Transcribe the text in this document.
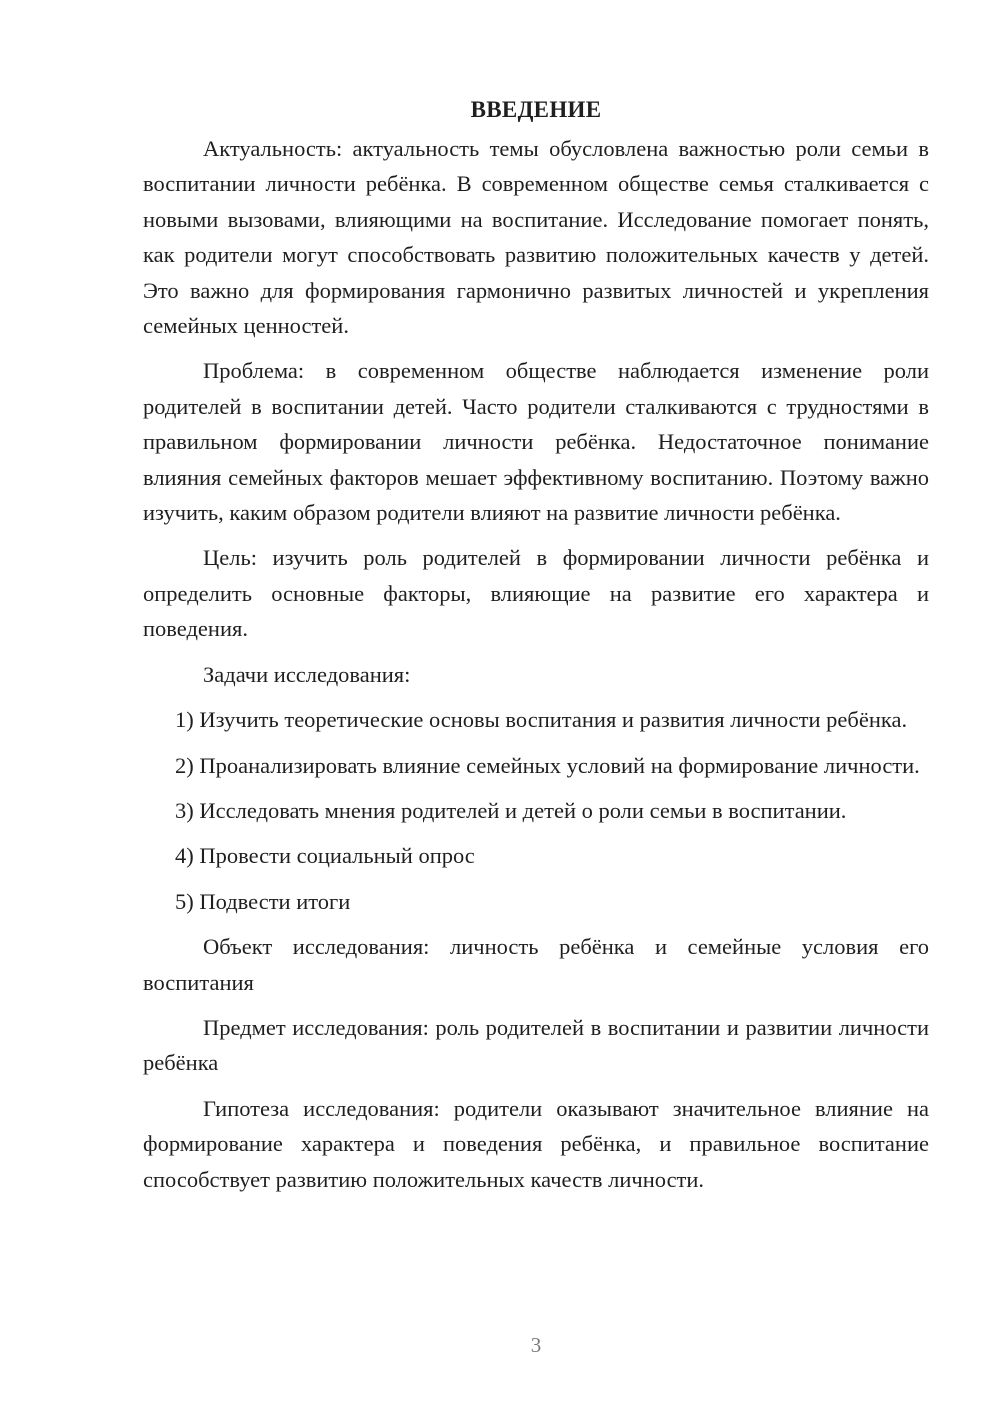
ВВЕДЕНИЕ

Актуальность: актуальность темы обусловлена важностью роли семьи в воспитании личности ребёнка. В современном обществе семья сталкивается с новыми вызовами, влияющими на воспитание. Исследование помогает понять, как родители могут способствовать развитию положительных качеств у детей. Это важно для формирования гармонично развитых личностей и укрепления семейных ценностей.

Проблема: в современном обществе наблюдается изменение роли родителей в воспитании детей. Часто родители сталкиваются с трудностями в правильном формировании личности ребёнка. Недостаточное понимание влияния семейных факторов мешает эффективному воспитанию. Поэтому важно изучить, каким образом родители влияют на развитие личности ребёнка.

Цель: изучить роль родителей в формировании личности ребёнка и определить основные факторы, влияющие на развитие его характера и поведения.

Задачи исследования:

1) Изучить теоретические основы воспитания и развития личности ребёнка.

2) Проанализировать влияние семейных условий на формирование личности.

3) Исследовать мнения родителей и детей о роли семьи в воспитании.

4) Провести социальный опрос

5) Подвести итоги

Объект исследования: личность ребёнка и семейные условия его воспитания

Предмет исследования: роль родителей в воспитании и развитии личности ребёнка

Гипотеза исследования: родители оказывают значительное влияние на формирование характера и поведения ребёнка, и правильное воспитание способствует развитию положительных качеств личности.

3
